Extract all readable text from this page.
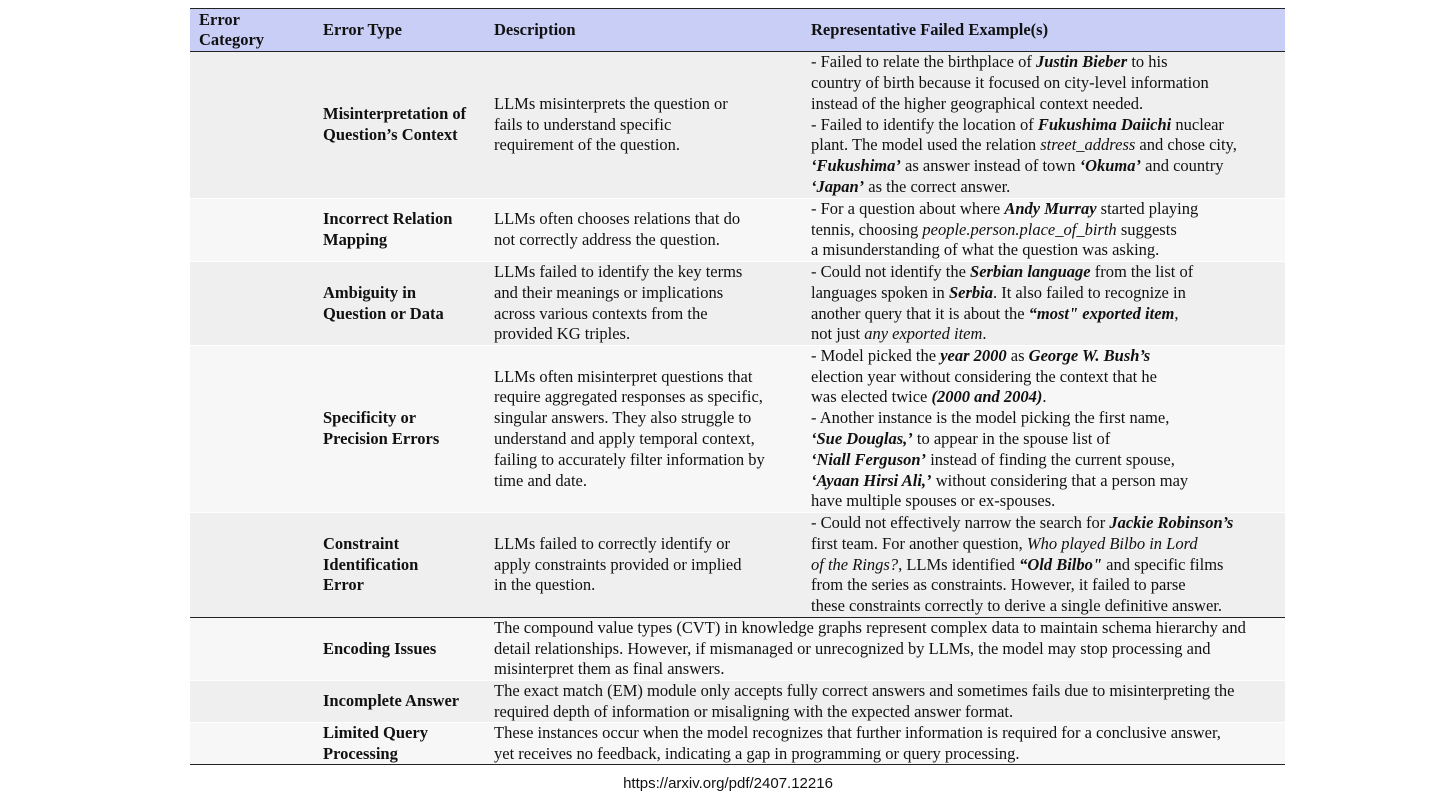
Error Category
Error Type	Description	Representative Failed Example(s)
Misinterpretation of Question’s Context
LLMs misinterprets the question or fails to understand specific requirement of the question.
- Failed to relate the birthplace of Justin Bieber to his
country of birth because it focused on city-level information
instead of the higher geographical context needed.
- Failed to identify the location of Fukushima Daiichi nuclear
plant. The model used the relation street_address and chose city,
‘Fukushima’ as answer instead of town ‘Okuma’ and country
‘Japan’ as the correct answer.
Incorrect Relation Mapping
LLMs often chooses relations that do not correctly address the question.
- For a question about where Andy Murray started playing
tennis, choosing people.person.place_of_birth suggests
a misunderstanding of what the question was asking.
Ambiguity in Question or Data
LLMs failed to identify the key terms and their meanings or implications across various contexts from the provided KG triples.
- Could not identify the Serbian language from the list of
languages spoken in Serbia. It also failed to recognize in
another query that it is about the “most" exported item,
not just any exported item.
Specificity or Precision Errors
LLMs often misinterpret questions that require aggregated responses as specific, singular answers. They also struggle to understand and apply temporal context, failing to accurately filter information by time and date.
- Model picked the year 2000 as George W. Bush’s
election year without considering the context that he
was elected twice (2000 and 2004).
- Another instance is the model picking the first name,
‘Sue Douglas,’ to appear in the spouse list of
‘Niall Ferguson’ instead of finding the current spouse,
‘Ayaan Hirsi Ali,’ without considering that a person may
have multiple spouses or ex-spouses.
Constraint Identification Error
LLMs failed to correctly identify or apply constraints provided or implied in the question.
- Could not effectively narrow the search for Jackie Robinson’s
first team. For another question, Who played Bilbo in Lord
of the Rings?, LLMs identified “Old Bilbo" and specific films
from the series as constraints. However, it failed to parse
these constraints correctly to derive a single definitive answer.
Encoding Issues
The compound value types (CVT) in knowledge graphs represent complex data to maintain schema hierarchy and detail relationships. However, if mismanaged or unrecognized by LLMs, the model may stop processing and misinterpret them as final answers.
Incomplete Answer
The exact match (EM) module only accepts fully correct answers and sometimes fails due to misinterpreting the required depth of information or misaligning with the expected answer format.
Limited Query Processing
These instances occur when the model recognizes that further information is required for a conclusive answer, yet receives no feedback, indicating a gap in programming or query processing.
https://arxiv.org/pdf/2407.12216
